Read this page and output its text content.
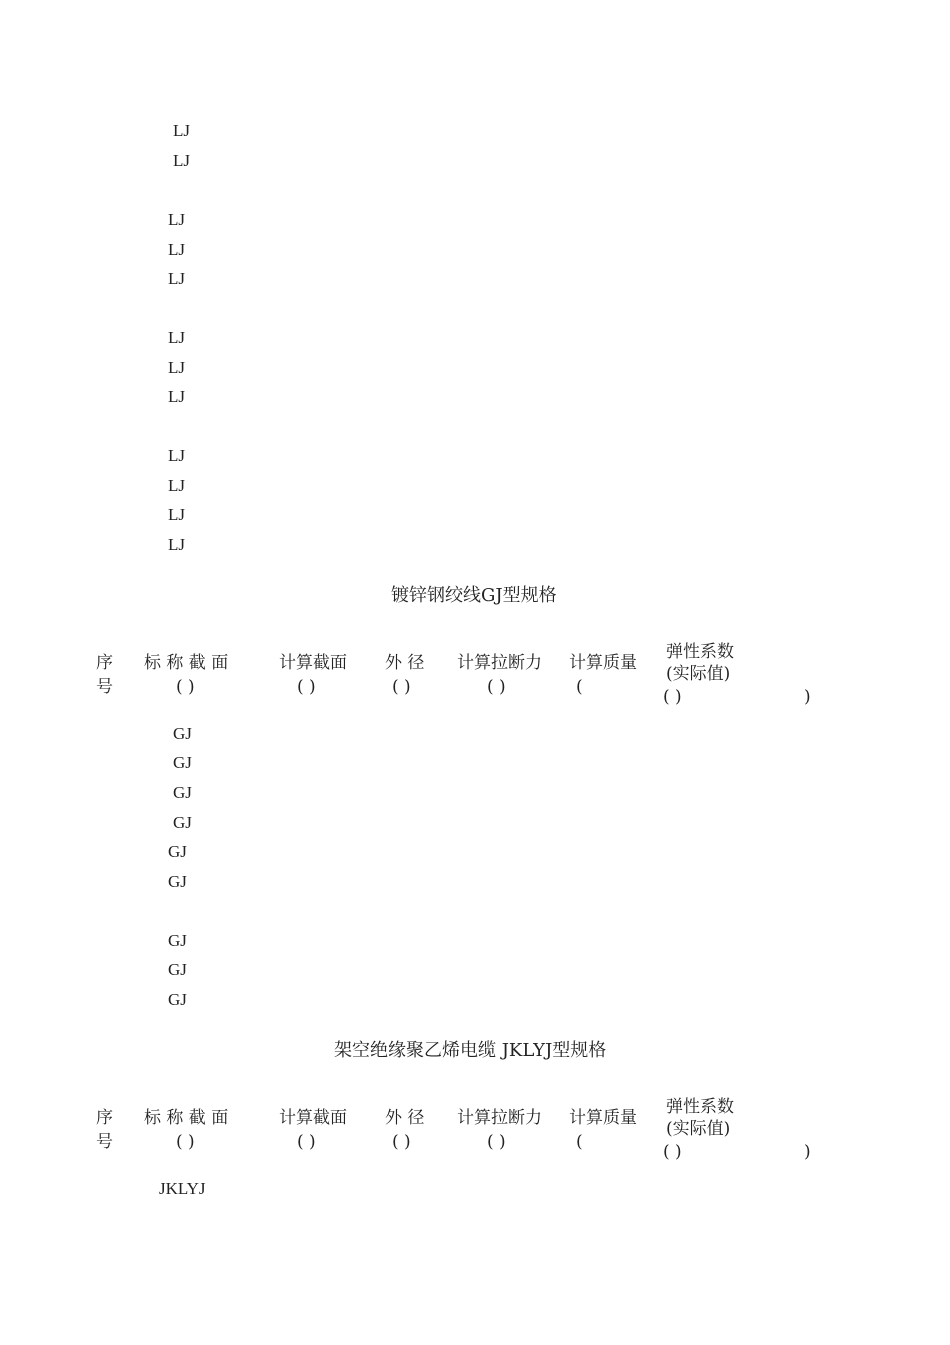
LJ
LJ
LJ
LJ
LJ
LJ
LJ
LJ
LJ
LJ
LJ
LJ
镀锌钢绞线GJ型规格
序
号
标 称 截 面
( )
计算截面
( )
外 径
( )
计算拉断力
( )
计算质量
(
弹性系数
(实际值)
( )	)
GJ
GJ
GJ
GJ
GJ
GJ
GJ
GJ
GJ
架空绝缘聚乙烯电缆 JKLYJ型规格
序
号
标 称 截 面
( )
计算截面
( )
外 径
( )
计算拉断力
( )
计算质量
(
弹性系数
(实际值)
( )	)
JKLYJ
